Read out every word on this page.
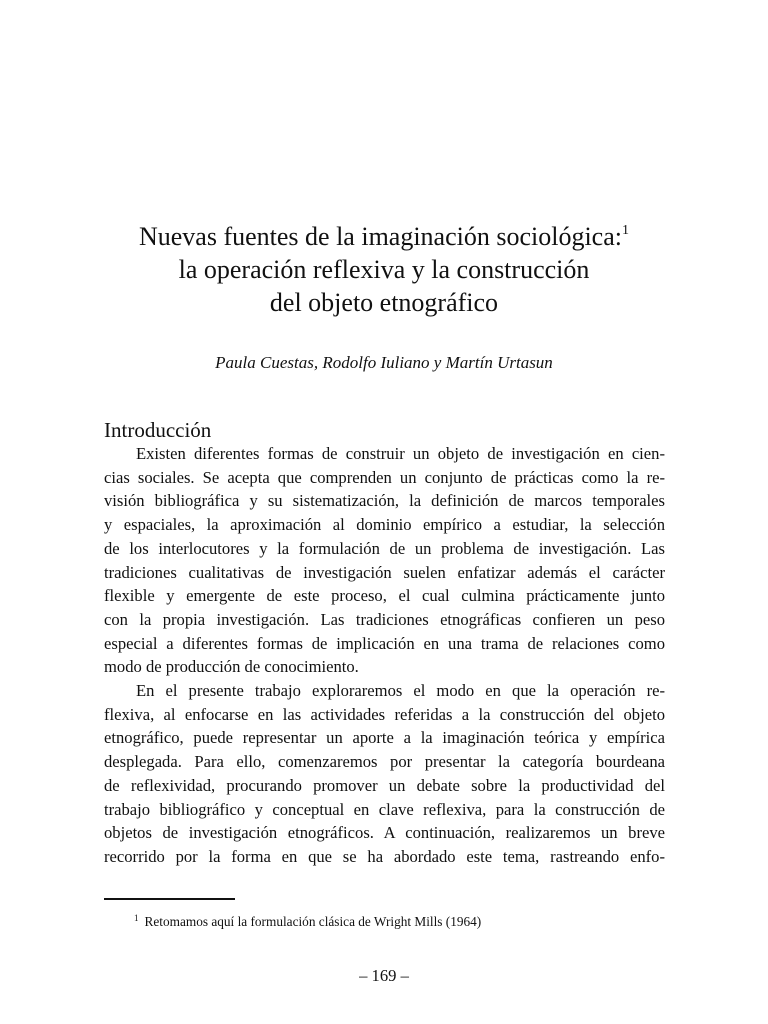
Nuevas fuentes de la imaginación sociológica:$^1$
la operación reflexiva y la construcción
del objeto etnográfico
Paula Cuestas, Rodolfo Iuliano y Martín Urtasun
Introducción

Existen diferentes formas de construir un objeto de investigación en cien-
cias sociales. Se acepta que comprenden un conjunto de prácticas como la re-
visión bibliográfica y su sistematización, la definición de marcos temporales
y espaciales, la aproximación al dominio empírico a estudiar, la selección
de los interlocutores y la formulación de un problema de investigación. Las
tradiciones cualitativas de investigación suelen enfatizar además el carácter
flexible y emergente de este proceso, el cual culmina prácticamente junto
con la propia investigación. Las tradiciones etnográficas confieren un peso
especial a diferentes formas de implicación en una trama de relaciones como
modo de producción de conocimiento.

En el presente trabajo exploraremos el modo en que la operación re-
flexiva, al enfocarse en las actividades referidas a la construcción del objeto
etnográfico, puede representar un aporte a la imaginación teórica y empírica
desplegada. Para ello, comenzaremos por presentar la categoría bourdeana
de reflexividad, procurando promover un debate sobre la productividad del
trabajo bibliográfico y conceptual en clave reflexiva, para la construcción de
objetos de investigación etnográficos. A continuación, realizaremos un breve
recorrido por la forma en que se ha abordado este tema, rastreando enfo-

$^1$ Retomamos aquí la formulación clásica de Wright Mills (1964)
– 169 –
